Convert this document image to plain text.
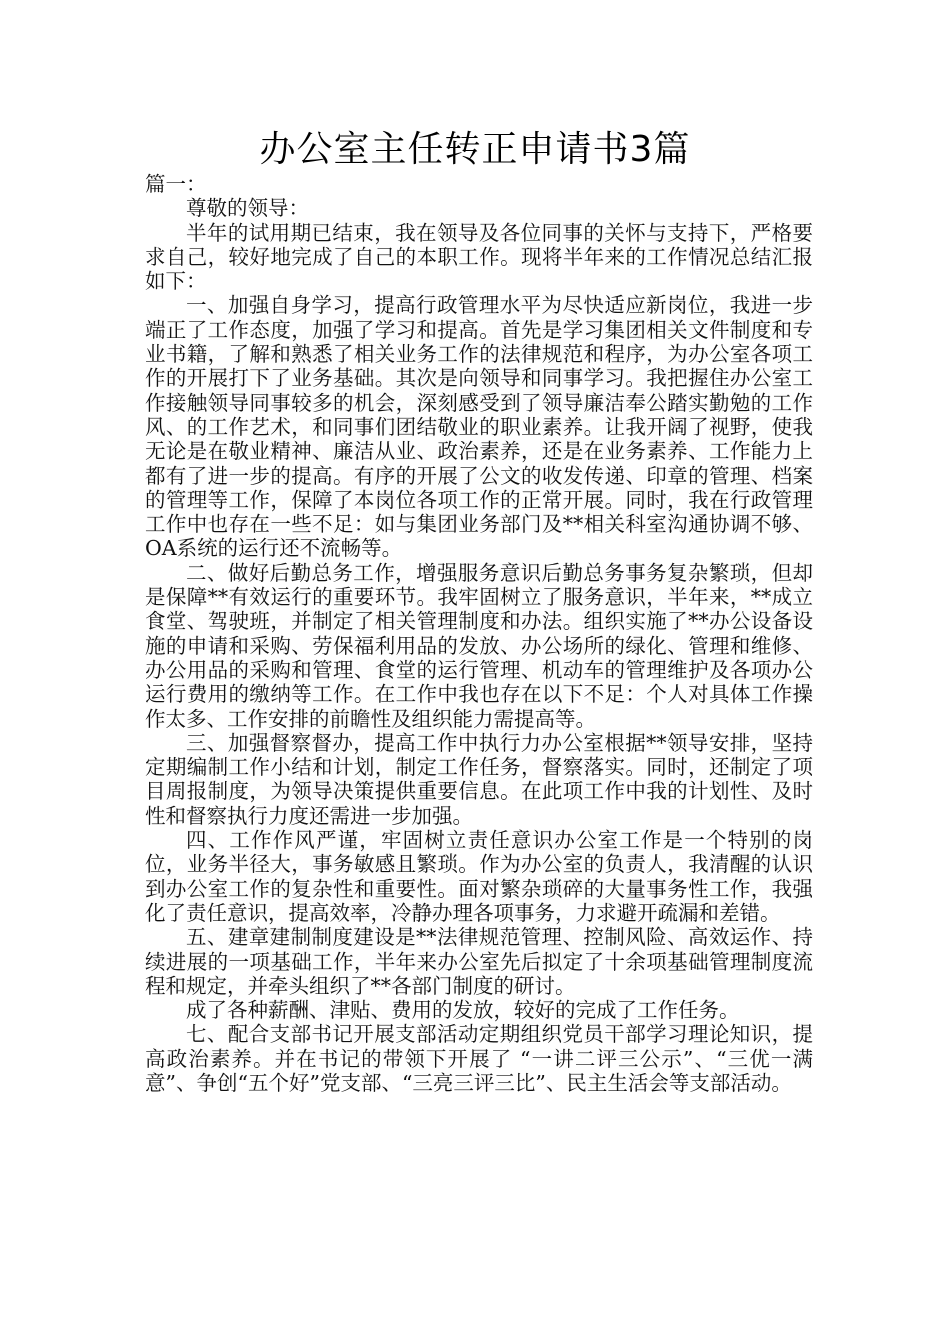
办公室主任转正申请书3篇

篇一：

尊敬的领导：

半年的试用期已结束，我在领导及各位同事的关怀与支持下，严格要求自己，较好地完成了自己的本职工作。现将半年来的工作情况总结汇报如下：

一、加强自身学习，提高行政管理水平为尽快适应新岗位，我进一步端正了工作态度，加强了学习和提高。首先是学习集团相关文件制度和专业书籍，了解和熟悉了相关业务工作的法律规范和程序，为办公室各项工作的开展打下了业务基础。其次是向领导和同事学习。我把握住办公室工作接触领导同事较多的机会，深刻感受到了领导廉洁奉公踏实勤勉的工作风、的工作艺术，和同事们团结敬业的职业素养。让我开阔了视野，使我无论是在敬业精神、廉洁从业、政治素养，还是在业务素养、工作能力上都有了进一步的提高。有序的开展了公文的收发传递、印章的管理、档案的管理等工作，保障了本岗位各项工作的正常开展。同时，我在行政管理工作中也存在一些不足：如与集团业务部门及**相关科室沟通协调不够、OA系统的运行还不流畅等。

二、做好后勤总务工作，增强服务意识后勤总务事务复杂繁琐，但却是保障**有效运行的重要环节。我牢固树立了服务意识，半年来，**成立食堂、驾驶班，并制定了相关管理制度和办法。组织实施了**办公设备设施的申请和采购、劳保福利用品的发放、办公场所的绿化、管理和维修、办公用品的采购和管理、食堂的运行管理、机动车的管理维护及各项办公运行费用的缴纳等工作。在工作中我也存在以下不足：个人对具体工作操作太多、工作安排的前瞻性及组织能力需提高等。

三、加强督察督办，提高工作中执行力办公室根据**领导安排，坚持定期编制工作小结和计划，制定工作任务，督察落实。同时，还制定了项目周报制度，为领导决策提供重要信息。在此项工作中我的计划性、及时性和督察执行力度还需进一步加强。

四、工作作风严谨，牢固树立责任意识办公室工作是一个特别的岗位，业务半径大，事务敏感且繁琐。作为办公室的负责人，我清醒的认识到办公室工作的复杂性和重要性。面对繁杂琐碎的大量事务性工作，我强化了责任意识，提高效率，冷静办理各项事务，力求避开疏漏和差错。

五、建章建制制度建设是**法律规范管理、控制风险、高效运作、持续进展的一项基础工作，半年来办公室先后拟定了十余项基础管理制度流程和规定，并牵头组织了**各部门制度的研讨。

成了各种薪酬、津贴、费用的发放，较好的完成了工作任务。

七、配合支部书记开展支部活动定期组织党员干部学习理论知识，提高政治素养。并在书记的带领下开展了 “一讲二评三公示”、“三优一满意”、争创“五个好”党支部、“三亮三评三比”、民主生活会等支部活动。
